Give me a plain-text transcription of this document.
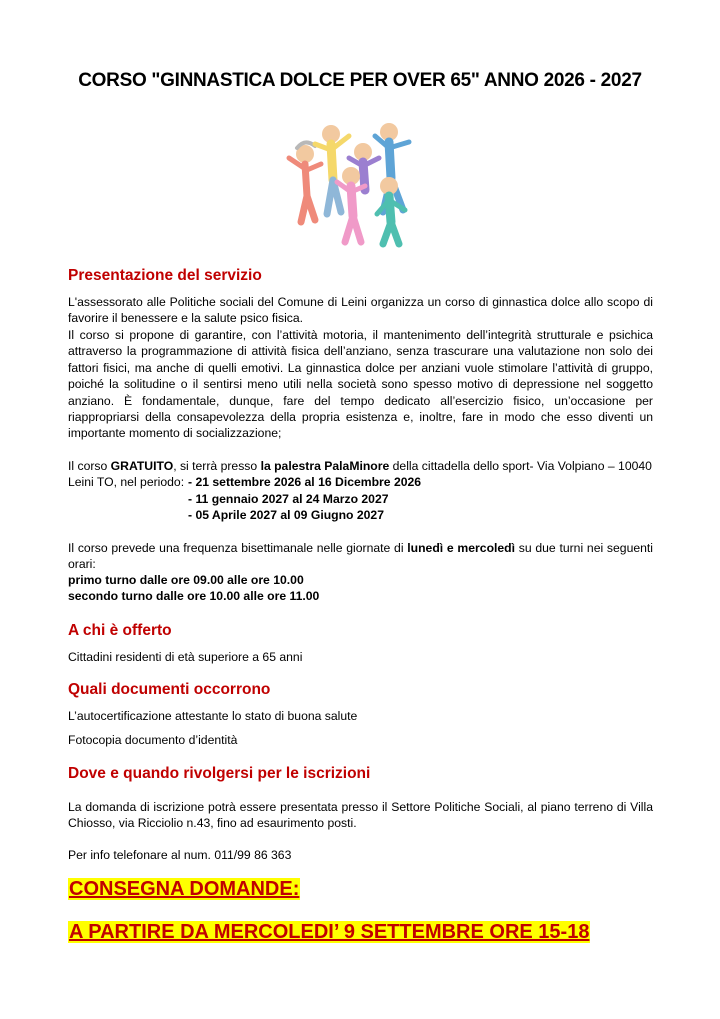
CORSO "GINNASTICA DOLCE PER OVER 65" ANNO 2026 - 2027
Presentazione del servizio

L'assessorato alle Politiche sociali del Comune di Leini organizza un corso di ginnastica dolce allo scopo di favorire il benessere e la salute psico fisica.

Il corso si propone di garantire, con l’attività motoria, il mantenimento dell’integrità strutturale e psichica attraverso la programmazione di attività fisica dell’anziano, senza trascurare una valutazione non solo dei fattori fisici, ma anche di quelli emotivi. La ginnastica dolce per anziani vuole stimolare l’attività di gruppo, poiché la solitudine o il sentirsi meno utili nella società sono spesso motivo di depressione nel soggetto anziano. È fondamentale, dunque, fare del tempo dedicato all’esercizio fisico, un’occasione per riappropriarsi della consapevolezza della propria esistenza e, inoltre, fare in modo che esso diventi un importante momento di socializzazione;

Il corso GRATUITO, si terrà presso la palestra PalaMinore della cittadella dello sport- Via Volpiano – 10040
Leini TO, nel periodo: - 21 settembre 2026 al 16 Dicembre 2026
- 11 gennaio 2027 al 24 Marzo 2027
- 05 Aprile 2027 al 09 Giugno 2027
Il corso prevede una frequenza bisettimanale nelle giornate di lunedì e mercoledì su due turni nei seguenti orari:
primo turno dalle ore 09.00 alle ore 10.00
secondo turno dalle ore 10.00 alle ore 11.00
A chi è offerto
Cittadini residenti di età superiore a 65 anni
Quali documenti occorrono
L’autocertificazione attestante lo stato di buona salute
Fotocopia documento d’identità
Dove e quando rivolgersi per le iscrizioni

La domanda di iscrizione potrà essere presentata presso il Settore Politiche Sociali, al piano terreno di Villa Chiosso, via Ricciolio n.43, fino ad esaurimento posti.

Per info telefonare al num. 011/99 86 363
CONSEGNA DOMANDE:
A PARTIRE DA MERCOLEDI’ 9 SETTEMBRE ORE 15-18
